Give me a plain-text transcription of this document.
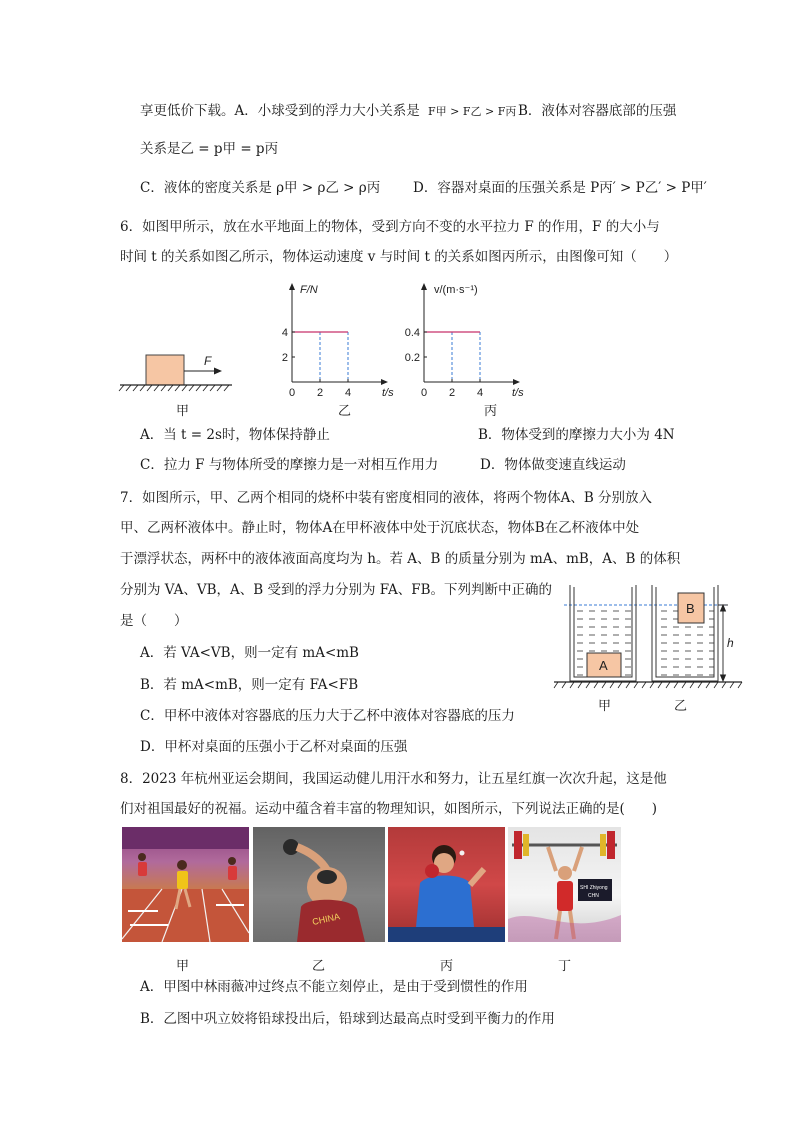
享更低价下载。A．小球受到的浮力大小关系是 F甲 > F乙 > F丙 B．液体对容器底部的压强
关系是乙 = p甲 = p丙
C．液体的密度关系是 ρ甲 > ρ乙 > ρ丙 D．容器对桌面的压强关系是 P丙′ > P乙′ > P甲′
6．如图甲所示，放在水平地面上的物体，受到方向不变的水平拉力 F 的作用，F 的大小与
时间 t 的关系如图乙所示，物体运动速度 v 与时间 t 的关系如图丙所示，由图像可知（　　）
F
甲
0 2 4
2
4
F/N
t/s
乙
0 2 4
0.2
0.4
v/(m·s⁻¹)
t/s
丙
A．当 t = 2s时，物体保持静止	B．物体受到的摩擦力大小为 4N
C．拉力 F 与物体所受的摩擦力是一对相互作用力	D．物体做变速直线运动
7．如图所示，甲、乙两个相同的烧杯中装有密度相同的液体，将两个物体A、B 分别放入
甲、乙两杯液体中。静止时，物体A在甲杯液体中处于沉底状态，物体B在乙杯液体中处
于漂浮状态，两杯中的液体液面高度均为 h。若 A、B 的质量分别为 mA、mB，A、B 的体积
分别为 VA、VB，A、B 受到的浮力分别为 FA、FB。下列判断中正确的
是（　　）
A．若 VA<VB，则一定有 mA<mB
B．若 mA<mB，则一定有 FA<FB
C．甲杯中液体对容器底的压力大于乙杯中液体对容器底的压力
D．甲杯对桌面的压强小于乙杯对桌面的压强
A
B
h
甲	乙
8．2023 年杭州亚运会期间，我国运动健儿用汗水和努力，让五星红旗一次次升起，这是他
们对祖国最好的祝福。运动中蕴含着丰富的物理知识，如图所示，下列说法正确的是(　　)
CHINA
SHI Zhiyong
CHN
甲	乙	丙	丁
A．甲图中林雨薇冲过终点不能立刻停止，是由于受到惯性的作用
B．乙图中巩立姣将铅球投出后，铅球到达最高点时受到平衡力的作用
